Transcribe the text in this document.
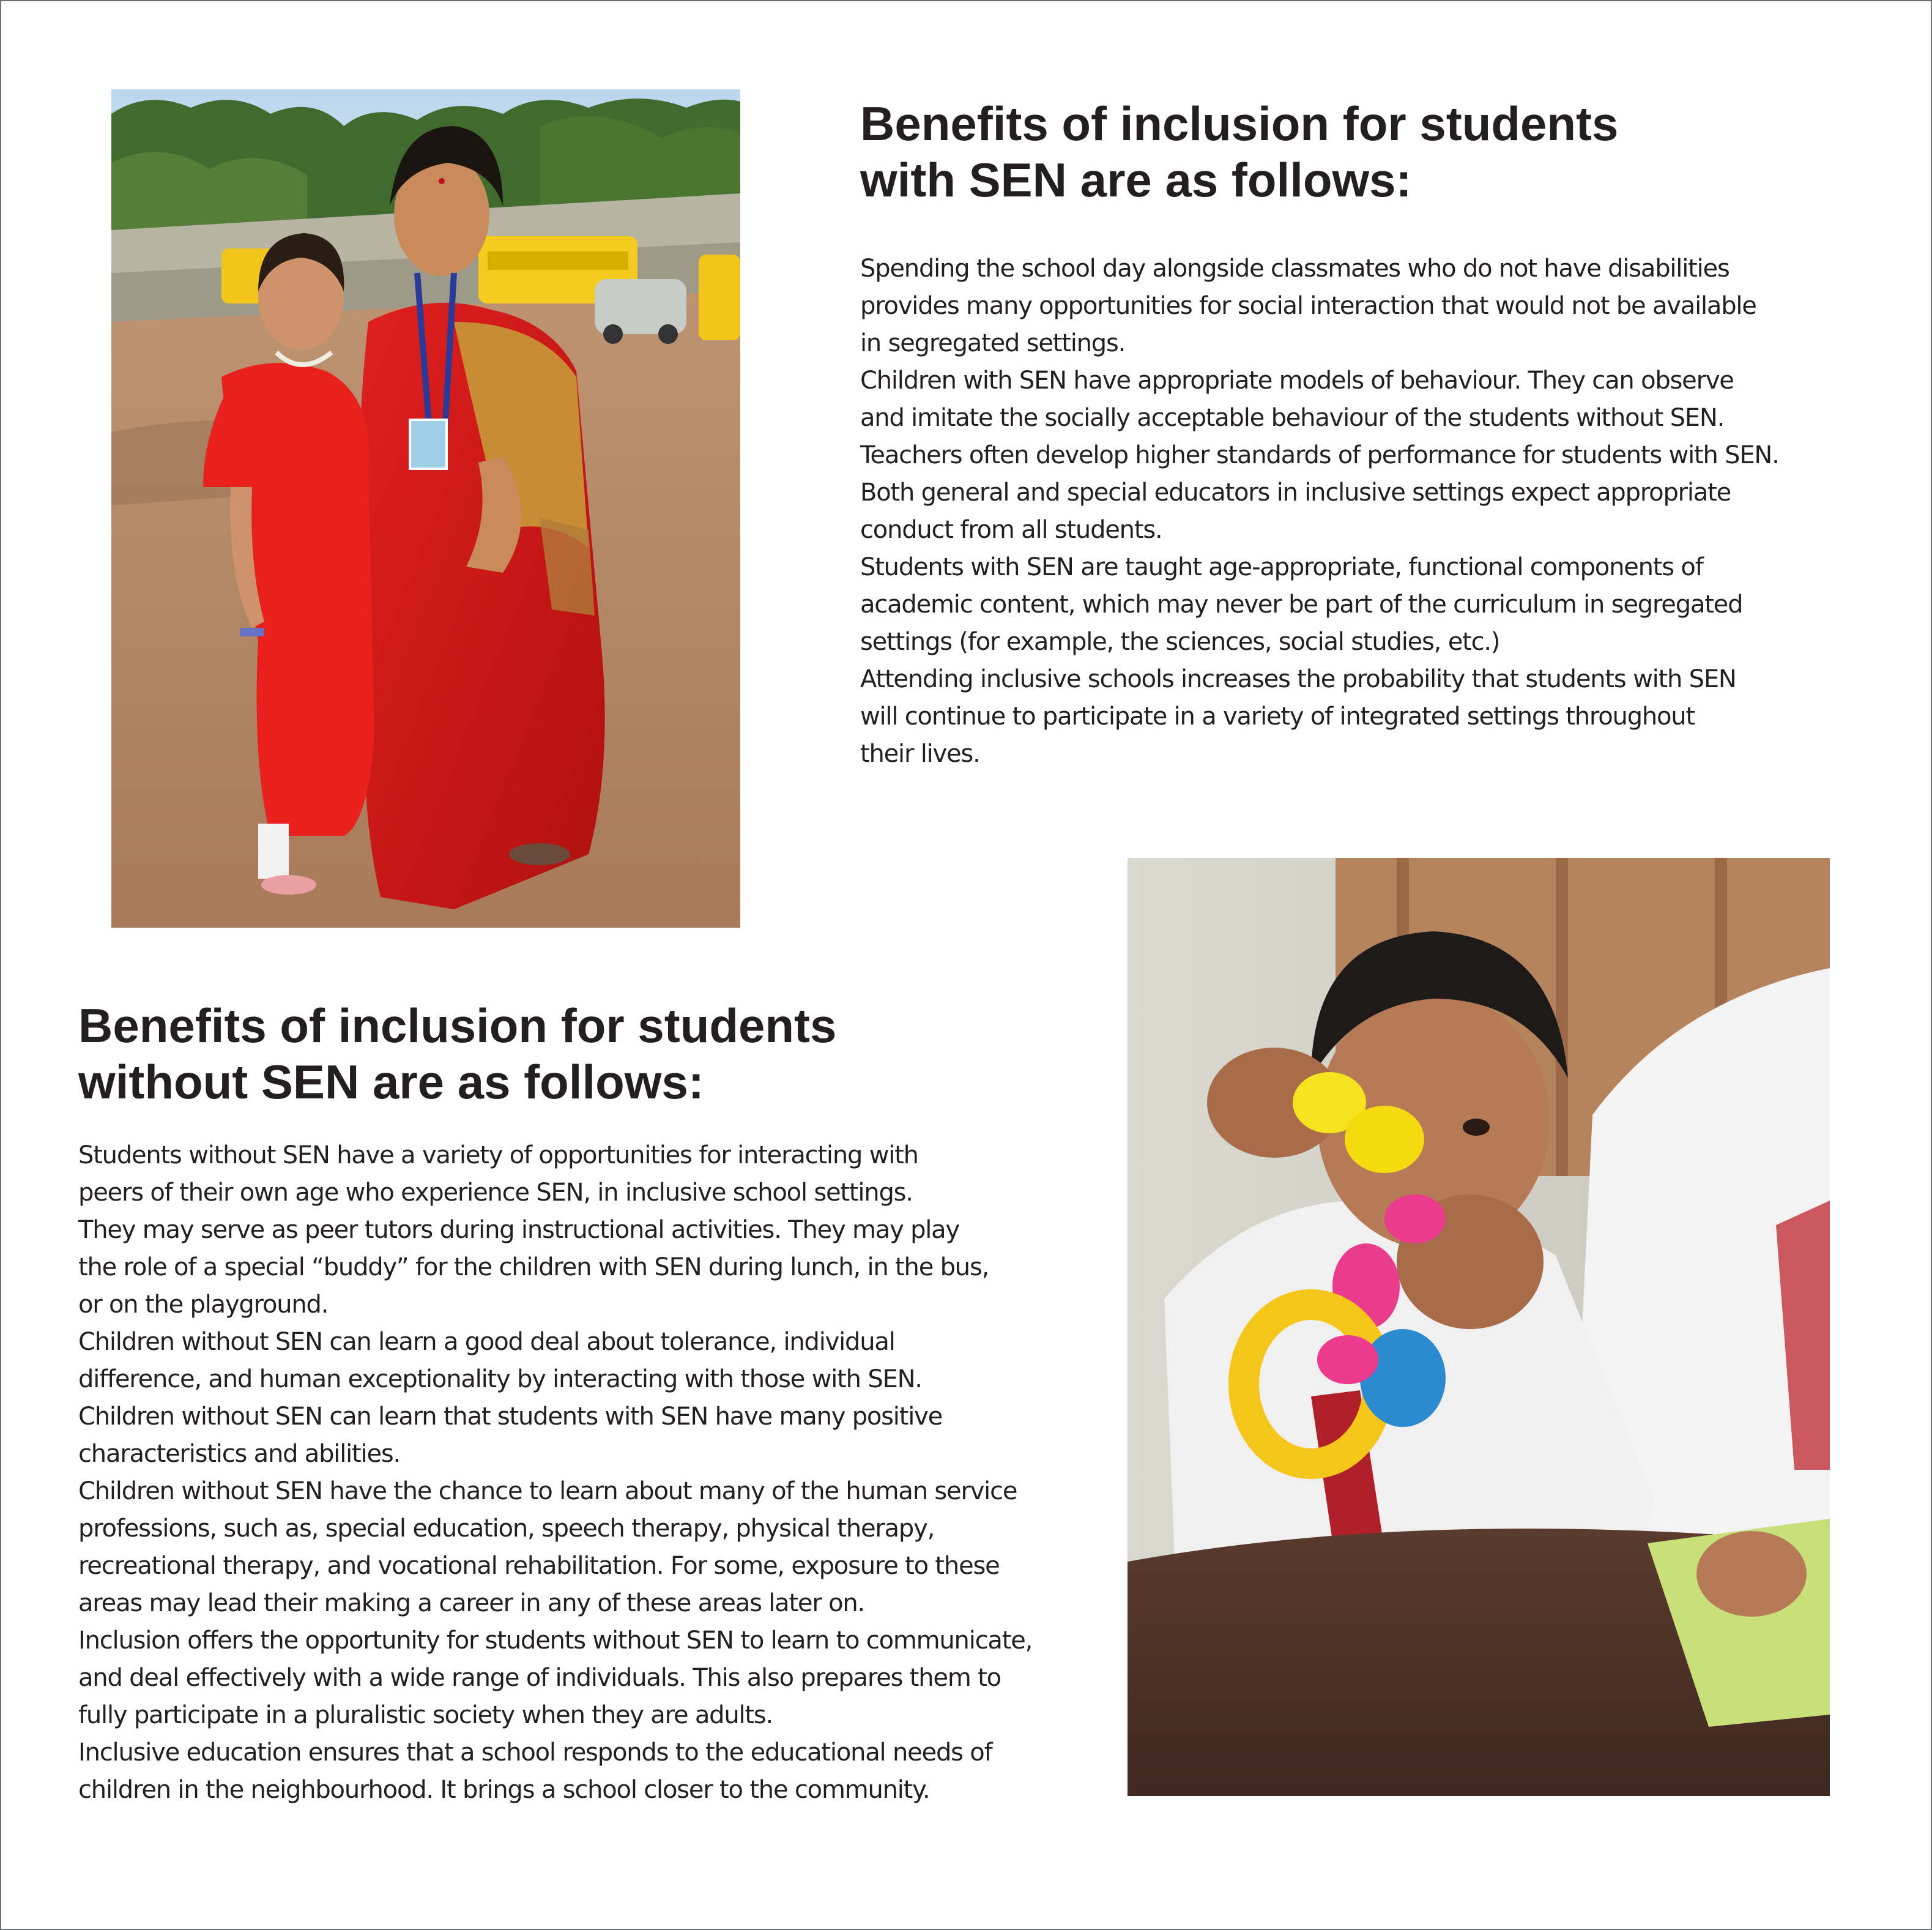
Benefits of inclusion for students
with SEN are as follows:
Spending the school day alongside classmates who do not have disabilities
provides many opportunities for social interaction that would not be available
in segregated settings.
Children with SEN have appropriate models of behaviour. They can observe
and imitate the socially acceptable behaviour of the students without SEN.
Teachers often develop higher standards of performance for students with SEN.
Both general and special educators in inclusive settings expect appropriate
conduct from all students.
Students with SEN are taught age-appropriate, functional components of
academic content, which may never be part of the curriculum in segregated
settings (for example, the sciences, social studies, etc.)
Attending inclusive schools increases the probability that students with SEN
will continue to participate in a variety of integrated settings throughout
their lives.
Benefits of inclusion for students
without SEN are as follows:
Students without SEN have a variety of opportunities for interacting with
peers of their own age who experience SEN, in inclusive school settings.
They may serve as peer tutors during instructional activities. They may play
the role of a special “buddy” for the children with SEN during lunch, in the bus,
or on the playground.
Children without SEN can learn a good deal about tolerance, individual
difference, and human exceptionality by interacting with those with SEN.
Children without SEN can learn that students with SEN have many positive
characteristics and abilities.
Children without SEN have the chance to learn about many of the human service
professions, such as, special education, speech therapy, physical therapy,
recreational therapy, and vocational rehabilitation. For some, exposure to these
areas may lead their making a career in any of these areas later on.
Inclusion offers the opportunity for students without SEN to learn to communicate,
and deal effectively with a wide range of individuals. This also prepares them to
fully participate in a pluralistic society when they are adults.
Inclusive education ensures that a school responds to the educational needs of
children in the neighbourhood. It brings a school closer to the community.
